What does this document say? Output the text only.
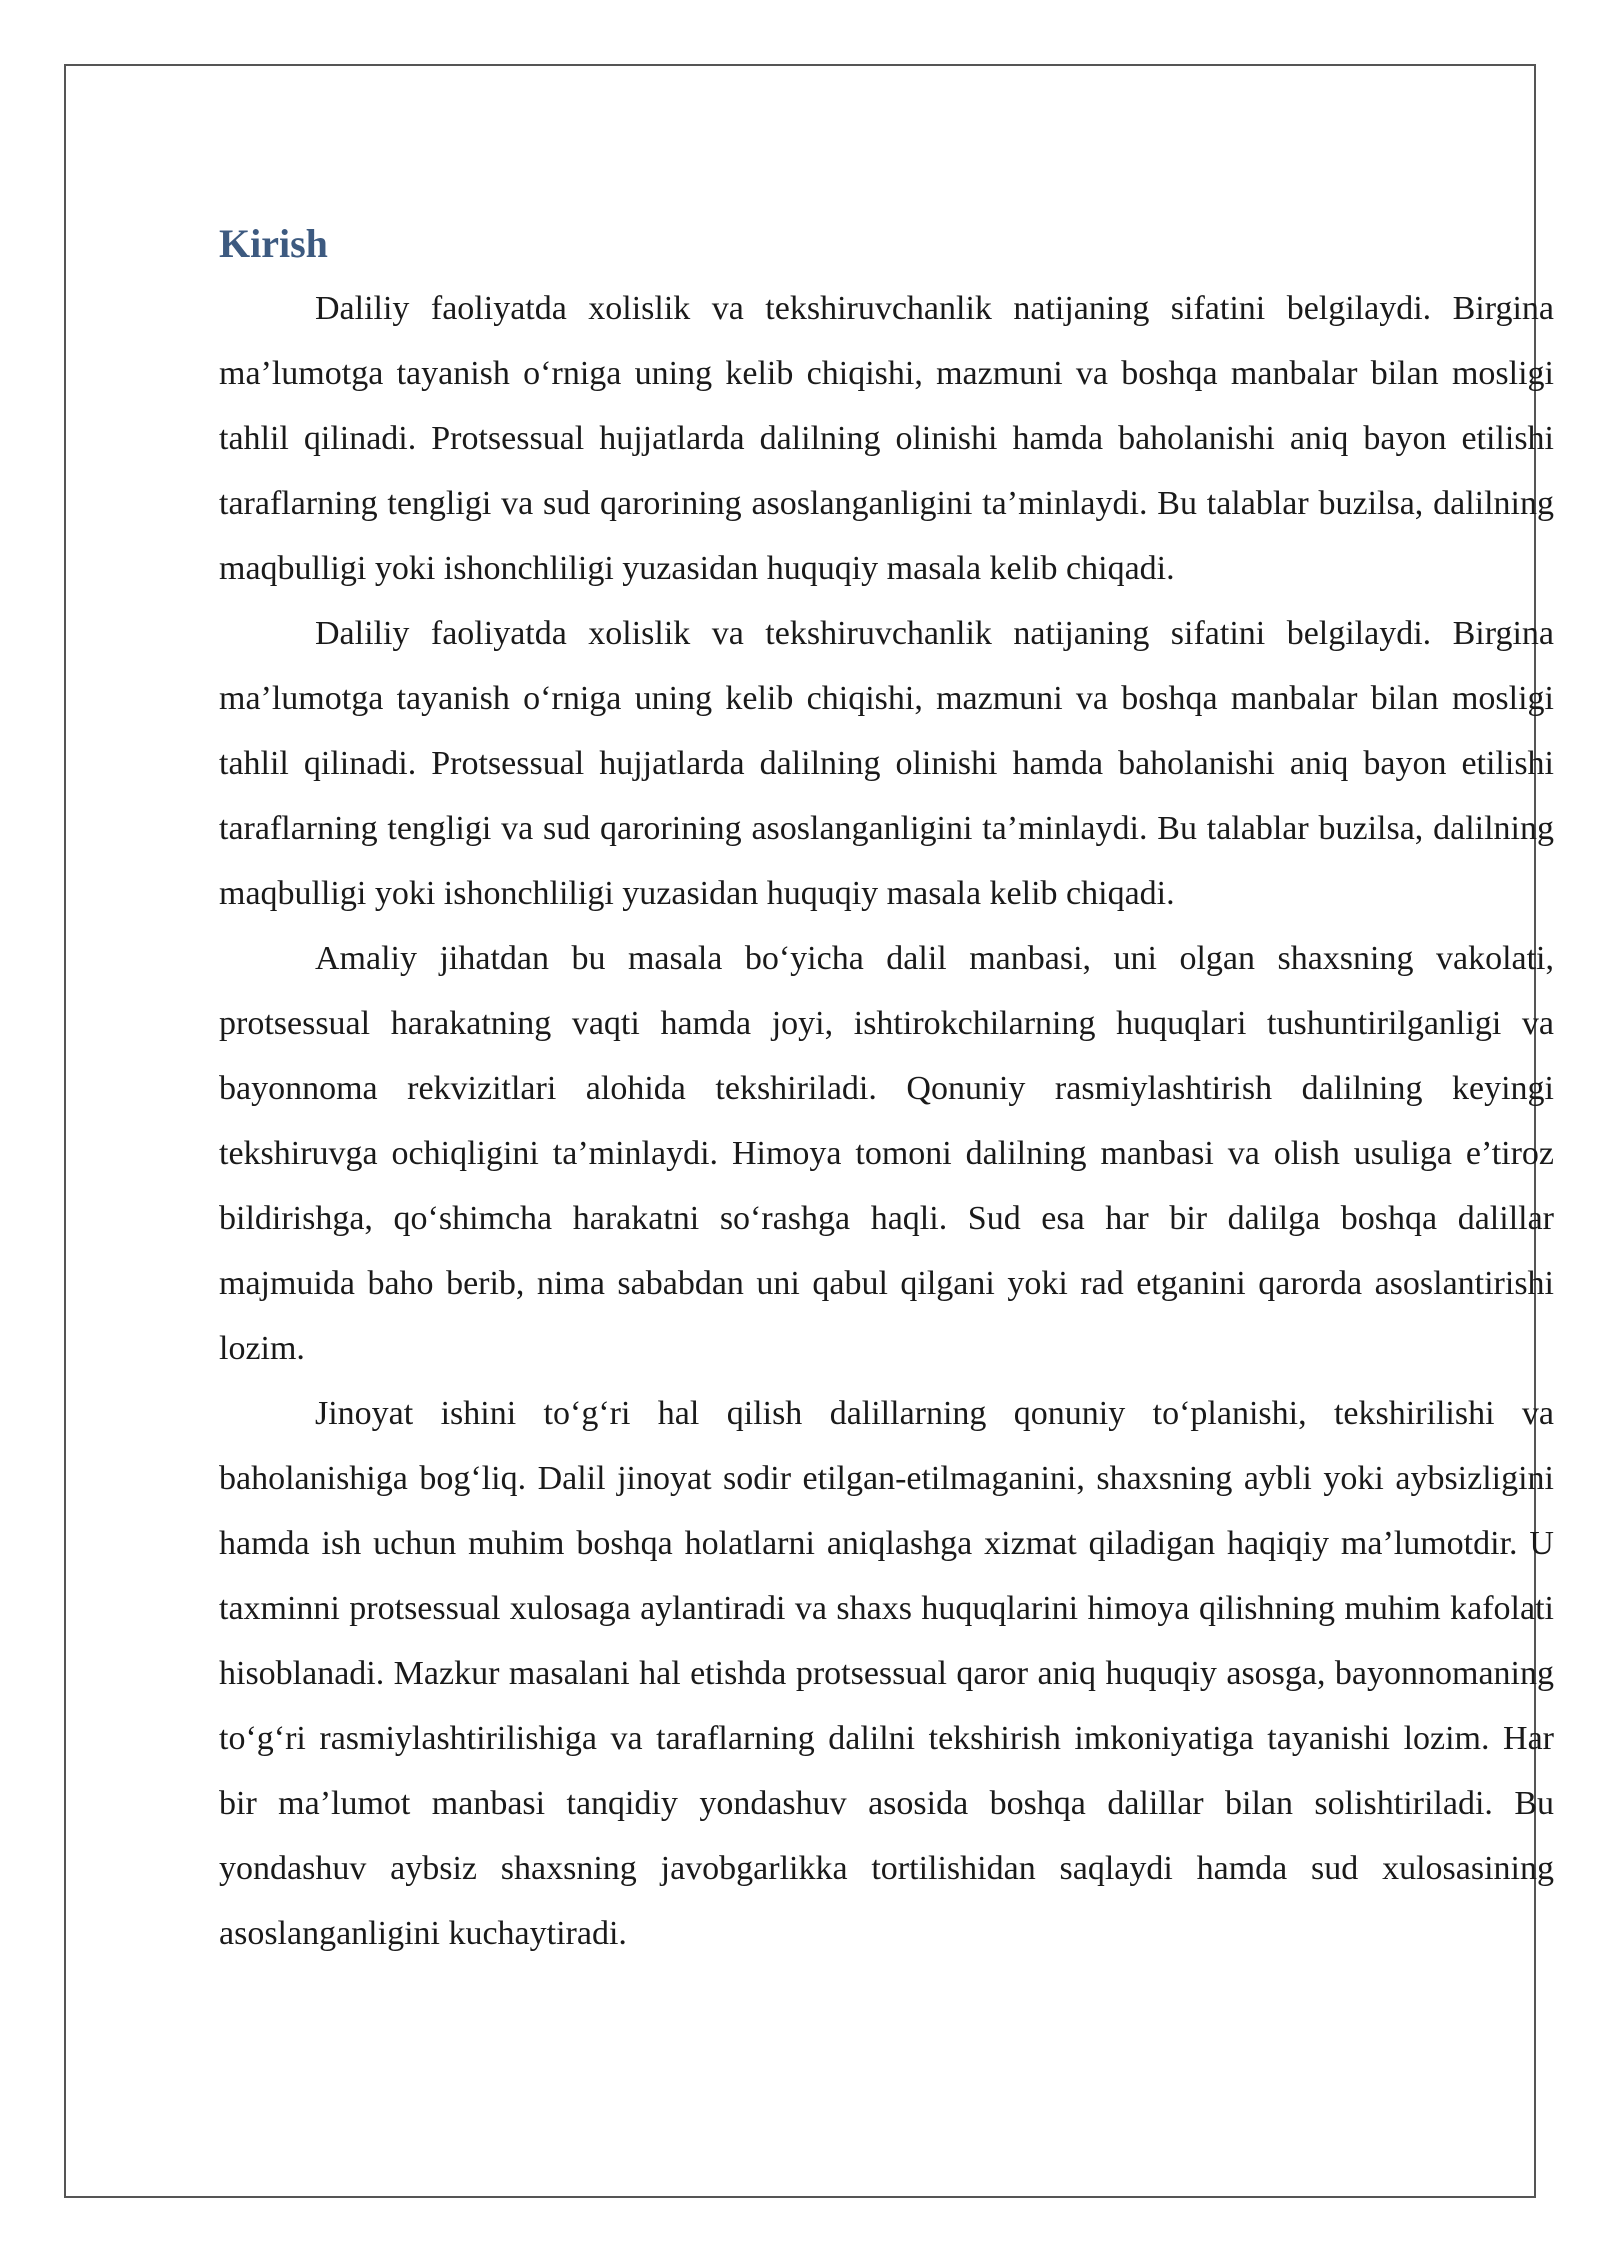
Kirish

Daliliy faoliyatda xolislik va tekshiruvchanlik natijaning sifatini belgilaydi. Birgina ma’lumotga tayanish o‘rniga uning kelib chiqishi, mazmuni va boshqa manbalar bilan mosligi tahlil qilinadi. Protsessual hujjatlarda dalilning olinishi hamda baholanishi aniq bayon etilishi taraflarning tengligi va sud qarorining asoslanganligini ta’minlaydi. Bu talablar buzilsa, dalilning maqbulligi yoki ishonchliligi yuzasidan huquqiy masala kelib chiqadi.

Daliliy faoliyatda xolislik va tekshiruvchanlik natijaning sifatini belgilaydi. Birgina ma’lumotga tayanish o‘rniga uning kelib chiqishi, mazmuni va boshqa manbalar bilan mosligi tahlil qilinadi. Protsessual hujjatlarda dalilning olinishi hamda baholanishi aniq bayon etilishi taraflarning tengligi va sud qarorining asoslanganligini ta’minlaydi. Bu talablar buzilsa, dalilning maqbulligi yoki ishonchliligi yuzasidan huquqiy masala kelib chiqadi.

Amaliy jihatdan bu masala bo‘yicha dalil manbasi, uni olgan shaxsning vakolati, protsessual harakatning vaqti hamda joyi, ishtirokchilarning huquqlari tushuntirilganligi va bayonnoma rekvizitlari alohida tekshiriladi. Qonuniy rasmiylashtirish dalilning keyingi tekshiruvga ochiqligini ta’minlaydi. Himoya tomoni dalilning manbasi va olish usuliga e’tiroz bildirishga, qo‘shimcha harakatni so‘rashga haqli. Sud esa har bir dalilga boshqa dalillar majmuida baho berib, nima sababdan uni qabul qilgani yoki rad etganini qarorda asoslantirishi lozim.

Jinoyat ishini to‘g‘ri hal qilish dalillarning qonuniy to‘planishi, tekshirilishi va baholanishiga bog‘liq. Dalil jinoyat sodir etilgan-etilmaganini, shaxsning aybli yoki aybsizligini hamda ish uchun muhim boshqa holatlarni aniqlashga xizmat qiladigan haqiqiy ma’lumotdir. U taxminni protsessual xulosaga aylantiradi va shaxs huquqlarini himoya qilishning muhim kafolati hisoblanadi. Mazkur masalani hal etishda protsessual qaror aniq huquqiy asosga, bayonnomaning to‘g‘ri rasmiylashtirilishiga va taraflarning dalilni tekshirish imkoniyatiga tayanishi lozim. Har bir ma’lumot manbasi tanqidiy yondashuv asosida boshqa dalillar bilan solishtiriladi. Bu yondashuv aybsiz shaxsning javobgarlikka tortilishidan saqlaydi hamda sud xulosasining asoslanganligini kuchaytiradi.
